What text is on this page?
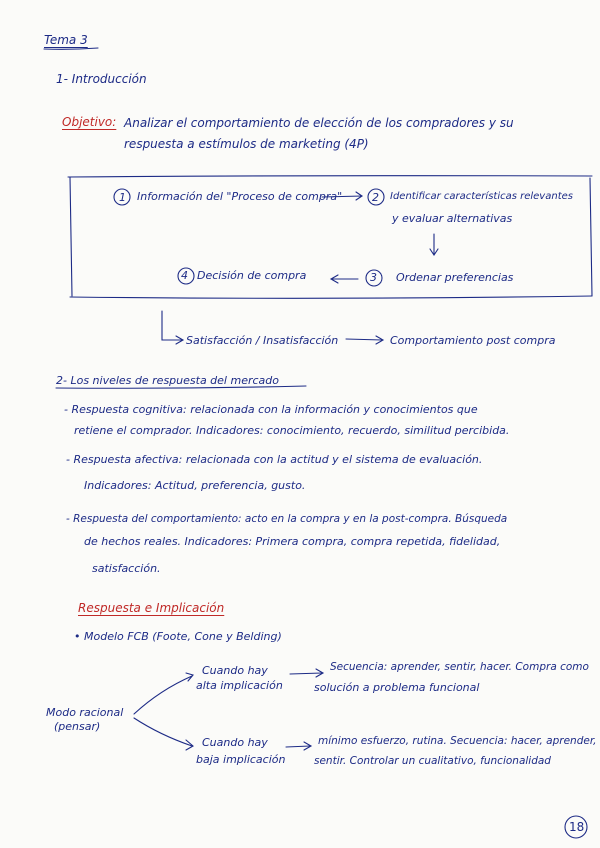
Tema 3
1- Introducción
Objetivo: Analizar el comportamiento de elección de los compradores y su
respuesta a estímulos de marketing (4P)
1 Información del "Proceso de compra"	2 Identificar características relevantes
y evaluar alternativas
4 Decisión de compra	3 Ordenar preferencias
Satisfacción / Insatisfacción	Comportamiento post compra
2- Los niveles de respuesta del mercado
- Respuesta cognitiva: relacionada con la información y conocimientos que
retiene el comprador. Indicadores: conocimiento, recuerdo, similitud percibida.
- Respuesta afectiva: relacionada con la actitud y el sistema de evaluación.
Indicadores: Actitud, preferencia, gusto.
- Respuesta del comportamiento: acto en la compra y en la post-compra. Búsqueda
de hechos reales. Indicadores: Primera compra, compra repetida, fidelidad,
satisfacción.
Respuesta e Implicación
• Modelo FCB (Foote, Cone y Belding)
Modo racional
(pensar)
Cuando hay
alta implicación
Secuencia: aprender, sentir, hacer. Compra como
solución a problema funcional
Cuando hay
baja implicación
mínimo esfuerzo, rutina. Secuencia: hacer, aprender,
sentir. Controlar un cualitativo, funcionalidad
18
